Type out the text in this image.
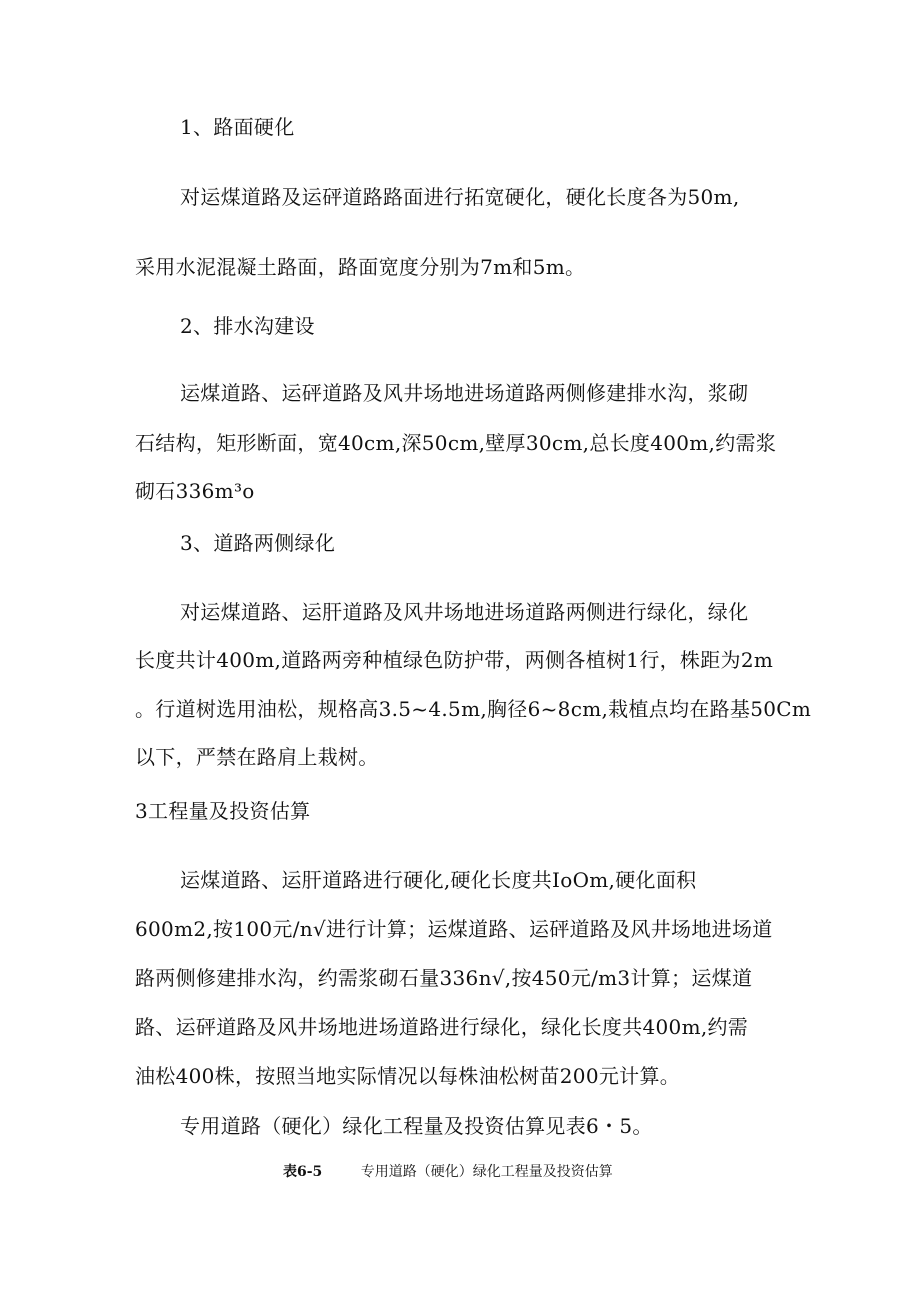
1、路面硬化
对运煤道路及运砰道路路面进行拓宽硬化，硬化长度各为50m,
采用水泥混凝土路面，路面宽度分别为7m和5m。
2、排水沟建设
运煤道路、运砰道路及风井场地进场道路两侧修建排水沟，浆砌
石结构，矩形断面，宽40cm,深50cm,壁厚30cm,总长度400m,约需浆
砌石336m³o
3、道路两侧绿化
对运煤道路、运肝道路及风井场地进场道路两侧进行绿化，绿化
长度共计400m,道路两旁种植绿色防护带，两侧各植树1行，株距为2m
。行道树选用油松，规格高3.5~4.5m,胸径6~8cm,栽植点均在路基50Cm
以下，严禁在路肩上栽树。
3工程量及投资估算
运煤道路、运肝道路进行硬化,硬化长度共IoOm,硬化面积
600m2,按100元/n√进行计算；运煤道路、运砰道路及风井场地进场道
路两侧修建排水沟，约需浆砌石量336n√,按450元/m3计算；运煤道
路、运砰道路及风井场地进场道路进行绿化，绿化长度共400m,约需
油松400株，按照当地实际情况以每株油松树苗200元计算。
专用道路（硬化）绿化工程量及投资估算见表6・5。
表6-5	专用道路（硬化）绿化工程量及投资估算
